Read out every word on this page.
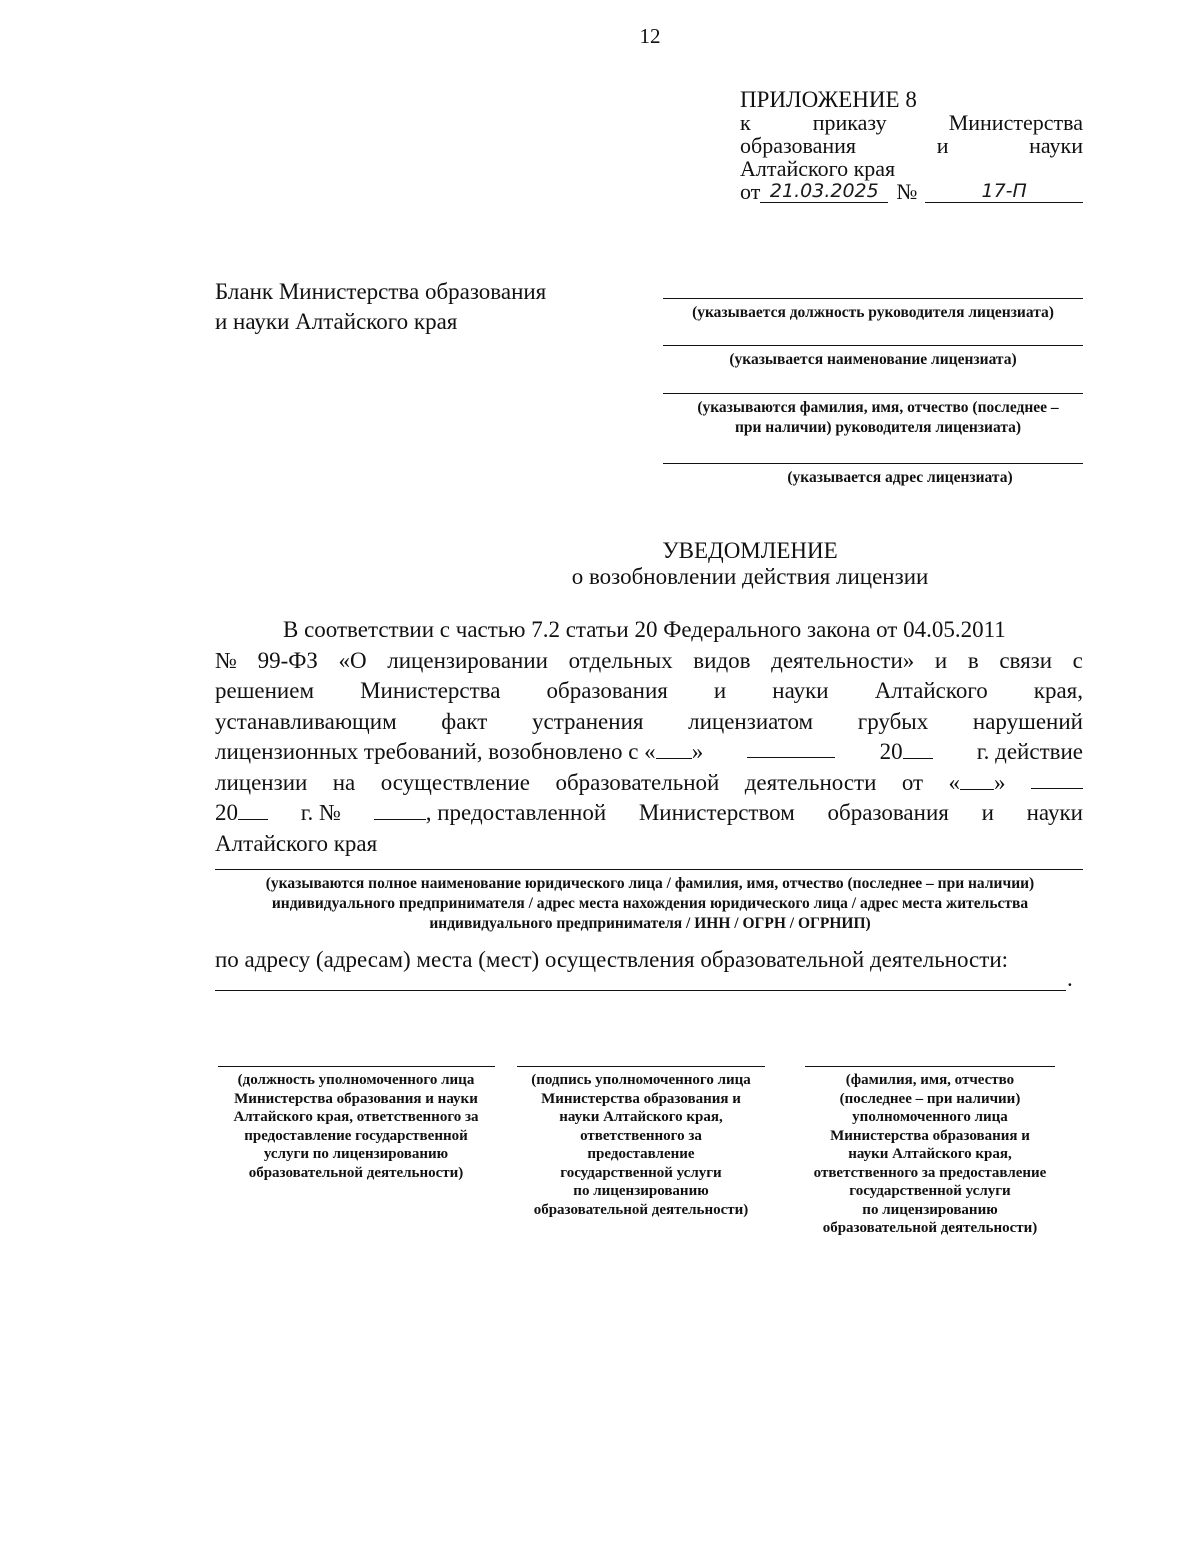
12
ПРИЛОЖЕНИЕ 8
к	приказу	Министерства
образования	и	науки
Алтайского края
от 21.03.2025 №	17-П
Бланк Министерства образования
и науки Алтайского края	(указывается должность руководителя лицензиата)
(указывается наименование лицензиата)
(указываются фамилия, имя, отчество (последнее –
при наличии) руководителя лицензиата)
(указывается адрес лицензиата)
УВЕДОМЛЕНИЕ
о возобновлении действия лицензии
В соответствии с частью 7.2 статьи 20 Федерального закона от 04.05.2011
№ 99-ФЗ «О лицензировании отдельных видов деятельности» и в связи с
решением Министерства образования и науки Алтайского края,
устанавливающим факт устранения лицензиатом грубых нарушений
лицензионных требований, возобновлено с « »	20	г. действие
лицензии на осуществление образовательной деятельности от « »
20	г. №	, предоставленной Министерством образования и науки
Алтайского края
(указываются полное наименование юридического лица / фамилия, имя, отчество (последнее – при наличии)
индивидуального предпринимателя / адрес места нахождения юридического лица / адрес места жительства
индивидуального предпринимателя / ИНН / ОГРН / ОГРНИП)
по адресу (адресам) места (мест) осуществления образовательной деятельности:
.
(должность уполномоченного лица
Министерства образования и науки
Алтайского края, ответственного за
предоставление государственной
услуги по лицензированию
образовательной деятельности)
(подпись уполномоченного лица
Министерства образования и
науки Алтайского края,
ответственного за
предоставление
государственной услуги
по лицензированию
образовательной деятельности)
(фамилия, имя, отчество
(последнее – при наличии)
уполномоченного лица
Министерства образования и
науки Алтайского края,
ответственного за предоставление
государственной услуги
по лицензированию
образовательной деятельности)
